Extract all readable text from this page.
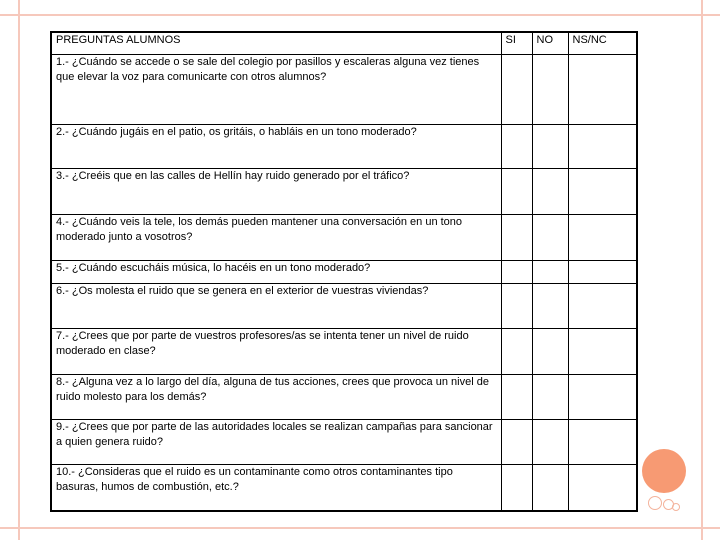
PREGUNTAS ALUMNOS	SI	NO	NS/NC
1.- ¿Cuándo se accede o se sale del colegio por pasillos y escaleras alguna vez tienes que elevar la voz para comunicarte con otros alumnos?			
2.- ¿Cuándo jugáis en el patio, os gritáis, o habláis en un tono moderado?			
3.- ¿Creéis que en las calles de Hellín hay ruido generado por el tráfico?			
4.- ¿Cuándo veis la tele, los demás pueden mantener una conversación en un tono moderado junto a vosotros?			
5.- ¿Cuándo escucháis música, lo hacéis en un tono moderado?			
6.- ¿Os molesta el ruido que se genera en el exterior de vuestras viviendas?			
7.- ¿Crees que por parte de vuestros profesores/as se intenta tener un nivel de ruido moderado en clase?			
8.- ¿Alguna vez a lo largo del día, alguna de tus acciones, crees que provoca un nivel de ruido molesto para los demás?			
9.- ¿Crees que por parte de las autoridades locales se realizan campañas para sancionar a quien genera ruido?			
10.- ¿Consideras que el ruido es un contaminante como otros contaminantes tipo basuras, humos de combustión, etc.?			
